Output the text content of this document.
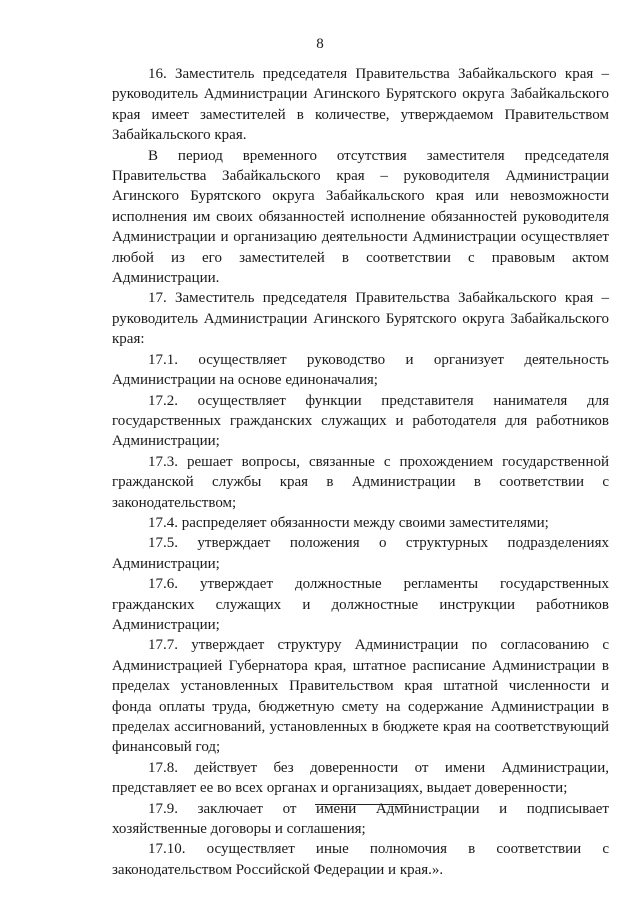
8

16. Заместитель председателя Правительства Забайкальского края – руководитель Администрации Агинского Бурятского округа Забайкальского края имеет заместителей в количестве, утверждаемом Правительством Забайкальского края.

В период временного отсутствия заместителя председателя Правительства Забайкальского края – руководителя Администрации Агинского Бурятского округа Забайкальского края или невозможности исполнения им своих обязанностей исполнение обязанностей руководителя Администрации и организацию деятельности Администрации осуществляет любой из его заместителей в соответствии с правовым актом Администрации.

17. Заместитель председателя Правительства Забайкальского края – руководитель Администрации Агинского Бурятского округа Забайкальского края:

17.1. осуществляет руководство и организует деятельность Администрации на основе единоначалия;

17.2. осуществляет функции представителя нанимателя для государственных гражданских служащих и работодателя для работников Администрации;

17.3. решает вопросы, связанные с прохождением государственной гражданской службы края в Администрации в соответствии с законодательством;

17.4. распределяет обязанности между своими заместителями;

17.5. утверждает положения о структурных подразделениях Администрации;

17.6. утверждает должностные регламенты государственных гражданских служащих и должностные инструкции работников Администрации;

17.7. утверждает структуру Администрации по согласованию с Администрацией Губернатора края, штатное расписание Администрации в пределах установленных Правительством края штатной численности и фонда оплаты труда, бюджетную смету на содержание Администрации в пределах ассигнований, установленных в бюджете края на соответствующий финансовый год;

17.8. действует без доверенности от имени Администрации, представляет ее во всех органах и организациях, выдает доверенности;

17.9. заключает от имени Администрации и подписывает хозяйственные договоры и соглашения;

17.10. осуществляет иные полномочия в соответствии с законодательством Российской Федерации и края.».
